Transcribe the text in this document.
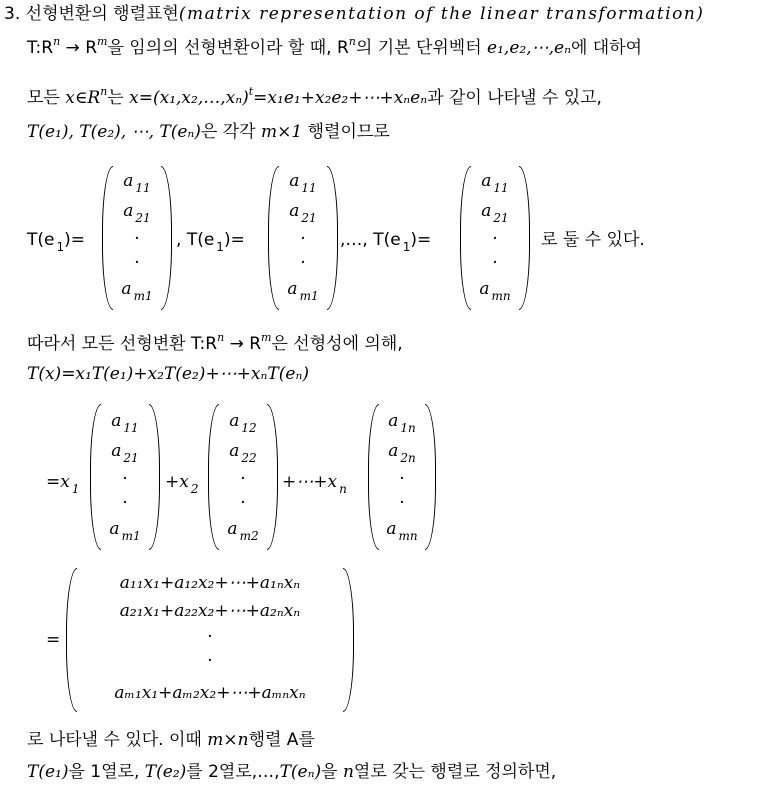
3. 선형변환의 행렬표현(matrix representation of the linear transformation)
$T:R^n \to R^m$을 임의의 선형변환이라 할 때, $R^n$의 기본 단위벡터 e₁,e₂,⋯,eₙ에 대하여
모든 $x\in R^n$는 x=(x₁,x₂,…,xₙ)$^t$=x₁e₁+x₂e₂+⋯+xₙeₙ과 같이 나타낼 수 있고,
T(e₁), T(e₂), ⋯, T(eₙ)은 각각 m×1 행렬이므로
T(e $_1$)=
a $_{11}$
a $_{21}$
·
·
a $_{m1}$
, T(e $_1$)=
a $_{11}$
a $_{21}$
·
·
a $_{m1}$
,…, T(e $_1$)=
a $_{11}$
a $_{21}$
·
·
a $_{mn}$
로 둘 수 있다.
따라서 모든 선형변환 $T:R^n \to R^m$은 선형성에 의해,
T(x)=x₁T(e₁)+x₂T(e₂)+⋯+xₙT(eₙ)
=x $_1$
a $_{11}$
a $_{21}$
·
·
a $_{m1}$
+x $_2$
a $_{12}$
a $_{22}$
·
·
a $_{m2}$
+⋯+x $_n$
a $_{1n}$
a $_{2n}$
·
·
a $_{mn}$
=
a₁₁x₁+a₁₂x₂+⋯+a₁ₙxₙ
a₂₁x₁+a₂₂x₂+⋯+a₂ₙxₙ
·
·
aₘ₁x₁+aₘ₂x₂+⋯+aₘₙxₙ
로 나타낼 수 있다. 이때 m×n행렬 A를
T(e₁)을 1열로, T(e₂)를 2열로,…,T(eₙ)을 n열로 갖는 행렬로 정의하면,
